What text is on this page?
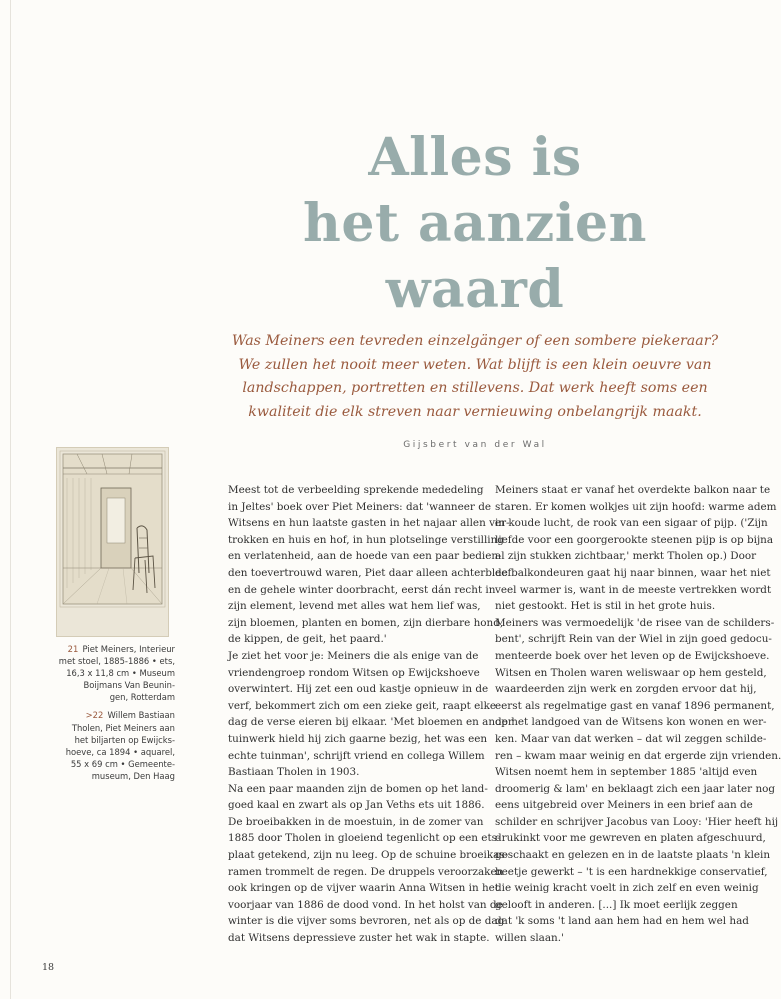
Alles is
het aanzien
waard
Was Meiners een tevreden einzelgänger of een sombere piekeraar?
We zullen het nooit meer weten. Wat blijft is een klein oeuvre van
landschappen, portretten en stillevens. Dat werk heeft soms een
kwaliteit die elk streven naar vernieuwing onbelangrijk maakt.
Gijsbert van der Wal
21  Piet Meiners, Interieur
met stoel, 1885-1886 • ets,
16,3 x 11,8 cm • Museum
Boijmans Van Beunin-
gen, Rotterdam
>22  Willem Bastiaan
Tholen, Piet Meiners aan
het biljarten op Ewijcks-
hoeve, ca 1894 • aquarel,
55 x 69 cm • Gemeente-
museum, Den Haag
Meest tot de verbeelding sprekende mededeling
in Jeltes' boek over Piet Meiners: dat 'wanneer de
Witsens en hun laatste gasten in het najaar allen ver-
trokken en huis en hof, in hun plotselinge verstilling
en verlatenheid, aan de hoede van een paar bedien-
den toevertrouwd waren, Piet daar alleen achterbleef
en de gehele winter doorbracht, eerst dán recht in
zijn element, levend met alles wat hem lief was,
zijn bloemen, planten en bomen, zijn dierbare hond,
de kippen, de geit, het paard.'
Je ziet het voor je: Meiners die als enige van de
vriendengroep rondom Witsen op Ewijckshoeve
overwintert. Hij zet een oud kastje opnieuw in de
verf, bekommert zich om een zieke geit, raapt elke
dag de verse eieren bij elkaar. 'Met bloemen en ander
tuinwerk hield hij zich gaarne bezig, het was een
echte tuinman', schrijft vriend en collega Willem
Bastiaan Tholen in 1903.
Na een paar maanden zijn de bomen op het land-
goed kaal en zwart als op Jan Veths ets uit 1886.
De broeibakken in de moestuin, in de zomer van
1885 door Tholen in gloeiend tegenlicht op een ets-
plaat getekend, zijn nu leeg. Op de schuine broeikas-
ramen trommelt de regen. De druppels veroorzaken
ook kringen op de vijver waarin Anna Witsen in het
voorjaar van 1886 de dood vond. In het holst van de
winter is die vijver soms bevroren, net als op de dag
dat Witsens depressieve zuster het wak in stapte.
Meiners staat er vanaf het overdekte balkon naar te
staren. Er komen wolkjes uit zijn hoofd: warme adem
in koude lucht, de rook van een sigaar of pijp. ('Zijn
liefde voor een goorgerookte steenen pijp is op bijna
al zijn stukken zichtbaar,' merkt Tholen op.) Door
de balkondeuren gaat hij naar binnen, waar het niet
veel warmer is, want in de meeste vertrekken wordt
niet gestookt. Het is stil in het grote huis.
Meiners was vermoedelijk 'de risee van de schilders-
bent', schrijft Rein van der Wiel in zijn goed gedocu-
menteerde boek over het leven op de Ewijckshoeve.
Witsen en Tholen waren weliswaar op hem gesteld,
waardeerden zijn werk en zorgden ervoor dat hij,
eerst als regelmatige gast en vanaf 1896 permanent,
op het landgoed van de Witsens kon wonen en wer-
ken. Maar van dat werken – dat wil zeggen schilde-
ren – kwam maar weinig en dat ergerde zijn vrienden.
Witsen noemt hem in september 1885 'altijd even
droomerig & lam' en beklaagt zich een jaar later nog
eens uitgebreid over Meiners in een brief aan de
schilder en schrijver Jacobus van Looy: 'Hier heeft hij
drukinkt voor me gewreven en platen afgeschuurd,
geschaakt en gelezen en in de laatste plaats 'n klein
beetje gewerkt – 't is een hardnekkige conservatief,
die weinig kracht voelt in zich zelf en even weinig
gelooft in anderen. [...] Ik moet eerlijk zeggen
dat 'k soms 't land aan hem had en hem wel had
willen slaan.'
18
